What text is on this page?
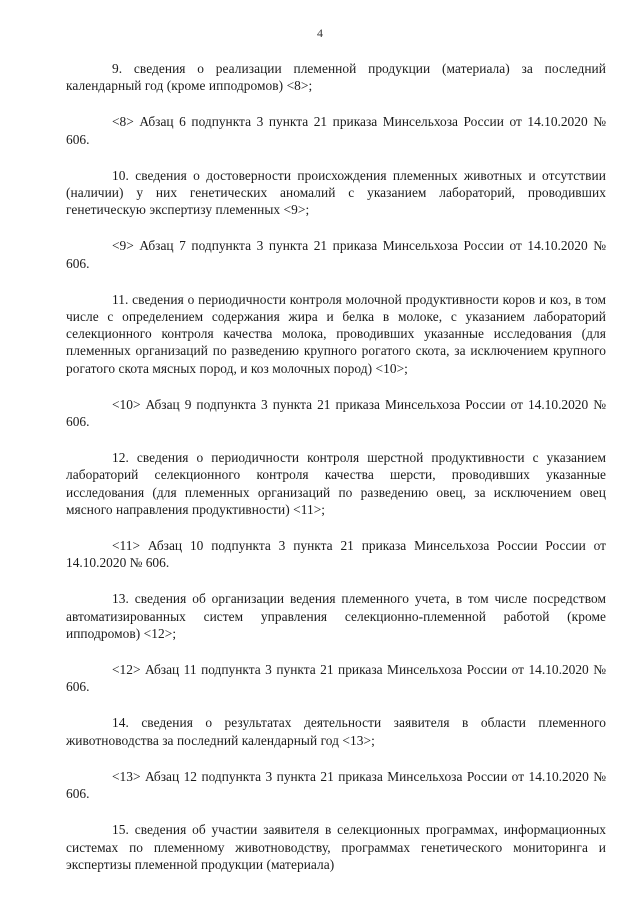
4

9. сведения о реализации племенной продукции (материала) за последний календарный год (кроме ипподромов) <8>;

<8> Абзац 6 подпункта 3 пункта 21 приказа Минсельхоза России от 14.10.2020 № 606.

10. сведения о достоверности происхождения племенных животных и отсутствии (наличии) у них генетических аномалий с указанием лабораторий, проводивших генетическую экспертизу племенных <9>;

<9> Абзац 7 подпункта 3 пункта 21 приказа Минсельхоза России от 14.10.2020 № 606.

11. сведения о периодичности контроля молочной продуктивности коров и коз, в том числе с определением содержания жира и белка в молоке, с указанием лабораторий селекционного контроля качества молока, проводивших указанные исследования (для племенных организаций по разведению крупного рогатого скота, за исключением крупного рогатого скота мясных пород, и коз молочных пород) <10>;

<10> Абзац 9 подпункта 3 пункта 21 приказа Минсельхоза России от 14.10.2020 № 606.

12. сведения о периодичности контроля шерстной продуктивности с указанием лабораторий селекционного контроля качества шерсти, проводивших указанные исследования (для племенных организаций по разведению овец, за исключением овец мясного направления продуктивности) <11>;

<11> Абзац 10 подпункта 3 пункта 21 приказа Минсельхоза России России от 14.10.2020 № 606.

13. сведения об организации ведения племенного учета, в том числе посредством автоматизированных систем управления селекционно-племенной работой (кроме ипподромов) <12>;

<12> Абзац 11 подпункта 3 пункта 21 приказа Минсельхоза России от 14.10.2020 № 606.

14. сведения о результатах деятельности заявителя в области племенного животноводства за последний календарный год <13>;

<13> Абзац 12 подпункта 3 пункта 21 приказа Минсельхоза России от 14.10.2020 № 606.

15. сведения об участии заявителя в селекционных программах, информационных системах по племенному животноводству, программах генетического мониторинга и экспертизы племенной продукции (материала)
